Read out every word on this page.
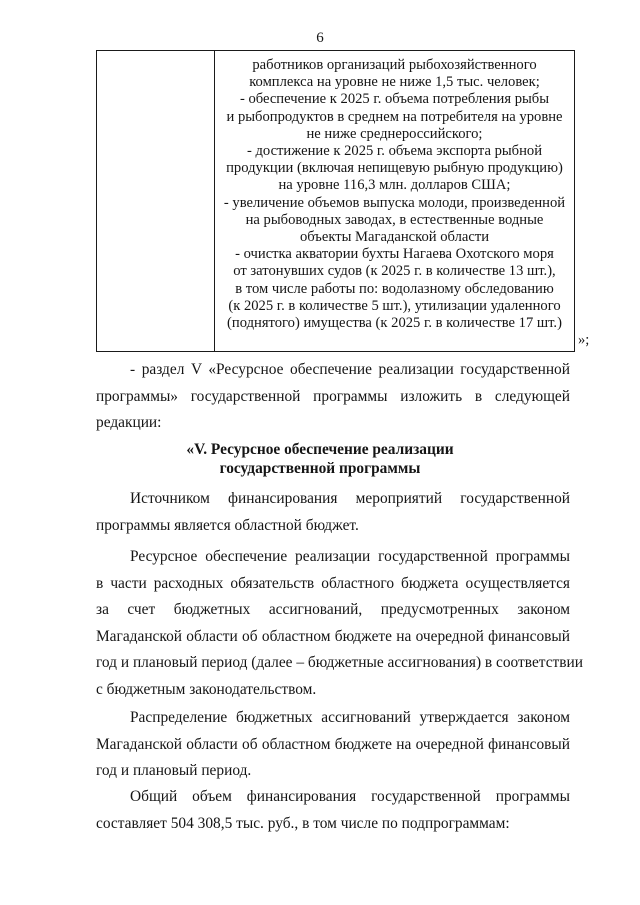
6
работников организаций рыбохозяйственного
комплекса на уровне не ниже 1,5 тыс. человек;
- обеспечение к 2025 г. объема потребления рыбы
и рыбопродуктов в среднем на потребителя на уровне
не ниже среднероссийского;
- достижение к 2025 г. объема экспорта рыбной
продукции (включая непищевую рыбную продукцию)
на уровне 116,3 млн. долларов США;
- увеличение объемов выпуска молоди, произведенной
на рыбоводных заводах, в естественные водные
объекты Магаданской области
- очистка акватории бухты Нагаева Охотского моря
от затонувших судов (к 2025 г. в количестве 13 шт.),
в том числе работы по: водолазному обследованию
(к 2025 г. в количестве 5 шт.), утилизации удаленного
(поднятого) имущества (к 2025 г. в количестве 17 шт.)
»;
- раздел V «Ресурсное обеспечение реализации государственной
программы» государственной программы изложить в следующей
редакции:
«V. Ресурсное обеспечение реализации
государственной программы
Источником финансирования мероприятий государственной
программы является областной бюджет.
Ресурсное обеспечение реализации государственной программы
в части расходных обязательств областного бюджета осуществляется
за счет бюджетных ассигнований, предусмотренных законом
Магаданской области об областном бюджете на очередной финансовый
год и плановый период (далее – бюджетные ассигнования) в соответствии
с бюджетным законодательством.
Распределение бюджетных ассигнований утверждается законом
Магаданской области об областном бюджете на очередной финансовый
год и плановый период.
Общий объем финансирования государственной программы
составляет 504 308,5 тыс. руб., в том числе по подпрограммам:
